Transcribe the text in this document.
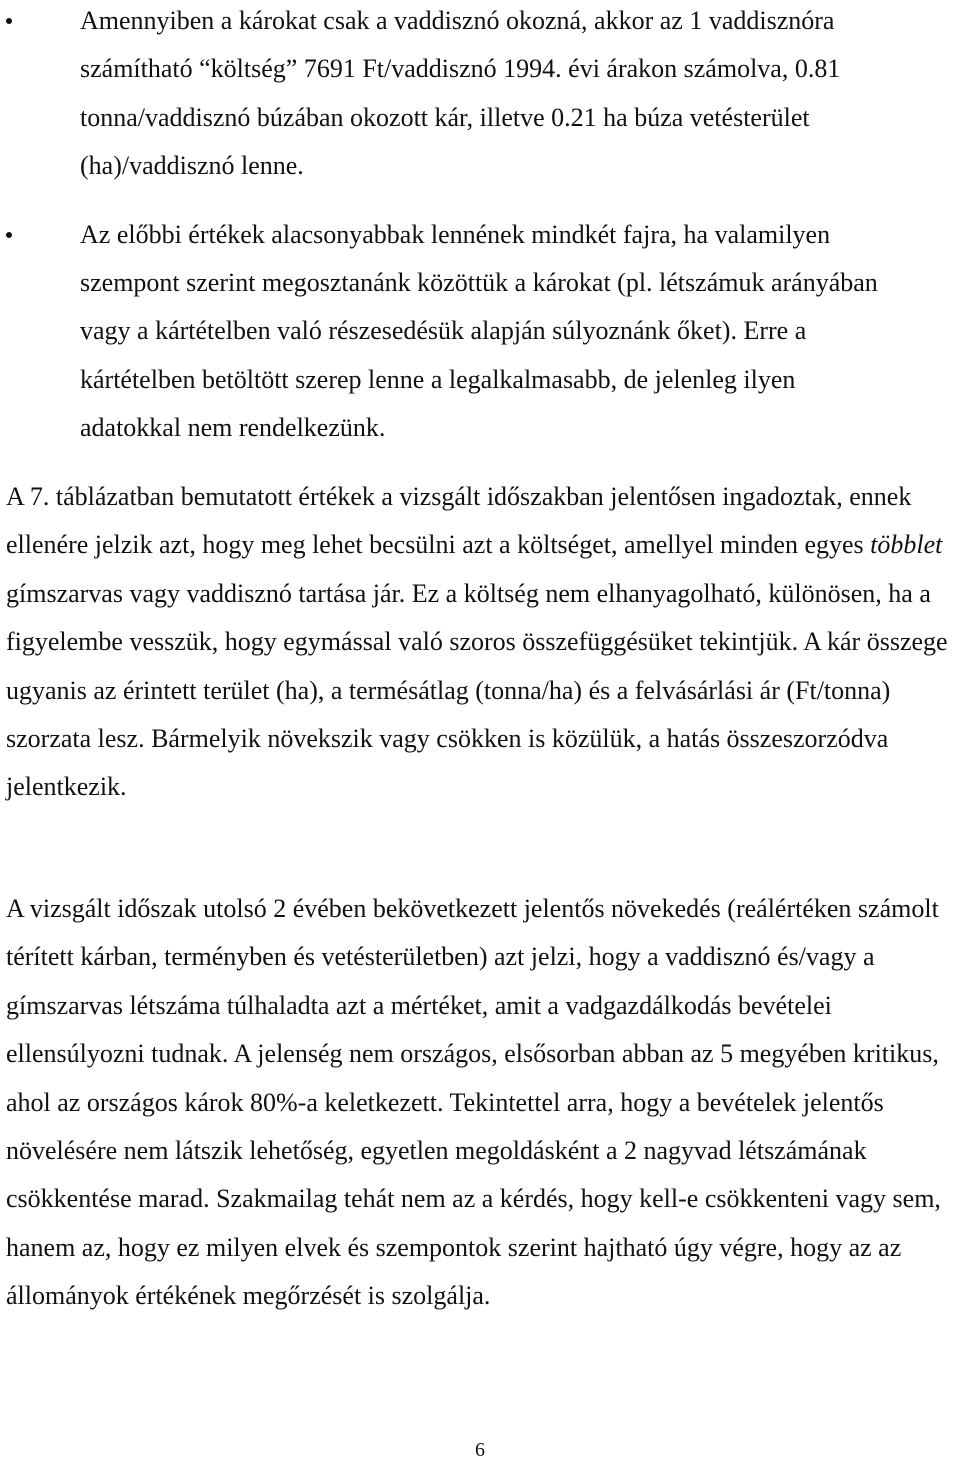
Amennyiben a károkat csak a vaddisznó okozná, akkor az 1 vaddisznóra számítható “költség” 7691 Ft/vaddisznó 1994. évi árakon számolva, 0.81 tonna/vaddisznó búzában okozott kár, illetve 0.21 ha búza vetésterület (ha)/vaddisznó lenne.
Az előbbi értékek alacsonyabbak lennének mindkét fajra, ha valamilyen szempont szerint megosztanánk közöttük a károkat (pl. létszámuk arányában vagy a kártételben való részesedésük alapján súlyoznánk őket). Erre a kártételben betöltött szerep lenne a legalkalmasabb, de jelenleg ilyen adatokkal nem rendelkezünk.

A 7. táblázatban bemutatott értékek a vizsgált időszakban jelentősen ingadoztak, ennek ellenére jelzik azt, hogy meg lehet becsülni azt a költséget, amellyel minden egyes többlet gímszarvas vagy vaddisznó tartása jár. Ez a költség nem elhanyagolható, különösen, ha a figyelembe vesszük, hogy egymással való szoros összefüggésüket tekintjük. A kár összege ugyanis az érintett terület (ha), a termésátlag (tonna/ha) és a felvásárlási ár (Ft/tonna) szorzata lesz. Bármelyik növekszik vagy csökken is közülük, a hatás összeszorzódva jelentkezik.

A vizsgált időszak utolsó 2 évében bekövetkezett jelentős növekedés (reálértéken számolt térített kárban, terményben és vetésterületben) azt jelzi, hogy a vaddisznó és/vagy a gímszarvas létszáma túlhaladta azt a mértéket, amit a vadgazdálkodás bevételei ellensúlyozni tudnak. A jelenség nem országos, elsősorban abban az 5 megyében kritikus, ahol az országos károk 80%-a keletkezett. Tekintettel arra, hogy a bevételek jelentős növelésére nem látszik lehetőség, egyetlen megoldásként a 2 nagyvad létszámának csökkentése marad. Szakmailag tehát nem az a kérdés, hogy kell-e csökkenteni vagy sem, hanem az, hogy ez milyen elvek és szempontok szerint hajtható úgy végre, hogy az az állományok értékének megőrzését is szolgálja.

6
